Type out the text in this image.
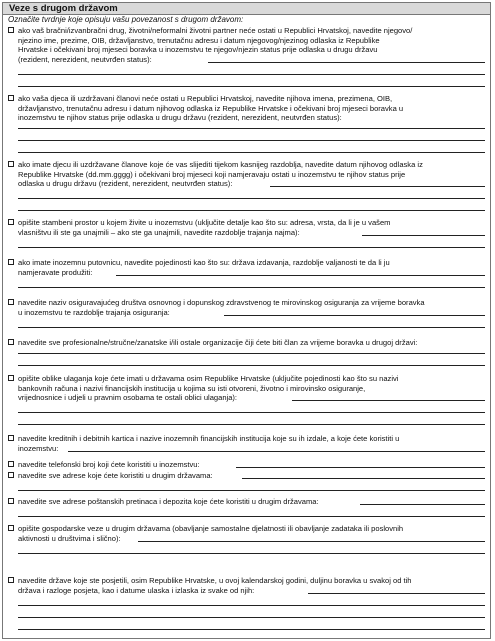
Veze s drugom državom
Označite tvrdnje koje opisuju vašu povezanost s drugom državom:
ako vaš bračni/izvanbračni drug, životni/neformalni životni partner neće ostati u Republici Hrvatskoj, navedite njegovo/
njezino ime, prezime, OIB, državljanstvo, trenutačnu adresu i datum njegovog/njezinog odlaska iz Republike
Hrvatske i očekivani broj mjeseci boravka u inozemstvu te njegov/njezin status prije odlaska u drugu državu
(rezident, nerezident, neutvrđen status):
ako vaša djeca ili uzdržavani članovi neće ostati u Republici Hrvatskoj, navedite njihova imena, prezimena, OIB,
državljanstvo, trenutačnu adresu i datum njihovog odlaska iz Republike Hrvatske i očekivani broj mjeseci boravka u
inozemstvu te njihov status prije odlaska u drugu državu (rezident, nerezident, neutvrđen status):
ako imate djecu ili uzdržavane članove koje će vas slijediti tijekom kasnijeg razdoblja, navedite datum njihovog odlaska iz
Republike Hrvatske (dd.mm.gggg) i očekivani broj mjeseci koji namjeravaju ostati u inozemstvu te njihov status prije
odlaska u drugu državu (rezident, nerezident, neutvrđen status):
opišite stambeni prostor u kojem živite u inozemstvu (uključite detalje kao što su: adresa, vrsta, da li je u vašem
vlasništvu ili ste ga unajmili – ako ste ga unajmili, navedite razdoblje trajanja najma):
ako imate inozemnu putovnicu, navedite pojedinosti kao što su: država izdavanja, razdoblje valjanosti te da li ju
namjeravate produžiti:
navedite naziv osiguravajućeg društva osnovnog i dopunskog zdravstvenog te mirovinskog osiguranja za vrijeme boravka
u inozemstvu te razdoblje trajanja osiguranja:
navedite sve profesionalne/stručne/zanatske i/ili ostale organizacije čiji ćete biti član za vrijeme boravka u drugoj državi:
opišite oblike ulaganja koje ćete imati u državama osim Republike Hrvatske (uključite pojedinosti kao što su nazivi
bankovnih računa i nazivi financijskih institucija u kojima su isti otvoreni, životno i mirovinsko osiguranje,
vrijednosnice i udjeli u pravnim osobama te ostali oblici ulaganja):
navedite kreditnih i debitnih kartica i nazive inozemnih financijskih institucija koje su ih izdale, a koje ćete koristiti u
inozemstvu:
navedite telefonski broj koji ćete koristiti u inozemstvu:
navedite sve adrese koje ćete koristiti u drugim državama:
navedite sve adrese poštanskih pretinaca i depozita koje ćete koristiti u drugim državama:
opišite gospodarske veze u drugim državama (obavljanje samostalne djelatnosti ili obavljanje zadataka ili poslovnih
aktivnosti u društvima i slično):
navedite države koje ste posjetili, osim Republike Hrvatske, u ovoj kalendarskoj godini, duljinu boravka u svakoj od tih
država i razloge posjeta, kao i datume ulaska i izlaska iz svake od njih:
